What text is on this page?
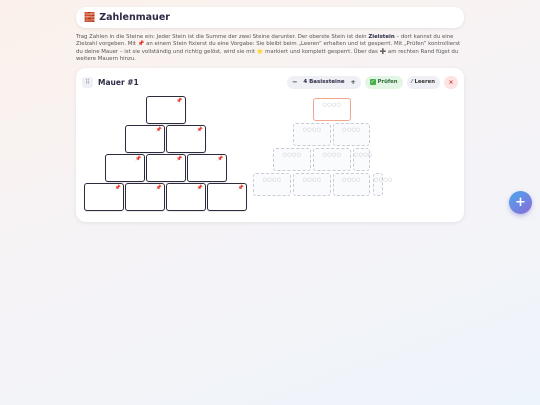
🧱 Zahlenmauer

Trag Zahlen in die Steine ein: Jeder Stein ist die Summe der zwei Steine darunter. Der oberste Stein ist dein Zielstein – dort kannst du eine Zielzahl vorgeben. Mit 📌 an einem Stein fixierst du eine Vorgabe: Sie bleibt beim „Leeren“ erhalten und ist gesperrt. Mit „Prüfen“ kontrollierst du deine Mauer – ist sie vollständig und richtig gelöst, wird sie mit ⭐ markiert und komplett gesperrt. Über das ➕ am rechten Rand fügst du weitere Mauern hinzu.

⠿	Mauer #1	− 4 Basissteine +	✓ Prüfen	⁄ Leeren	×
📌	📌	📌	📌
📌	📌	📌
📌	📌
📌
○○○○	○○○○	○○○○	○○○○
○○○○	○○○○	○○○○
○○○○	○○○○
○○○○
+
